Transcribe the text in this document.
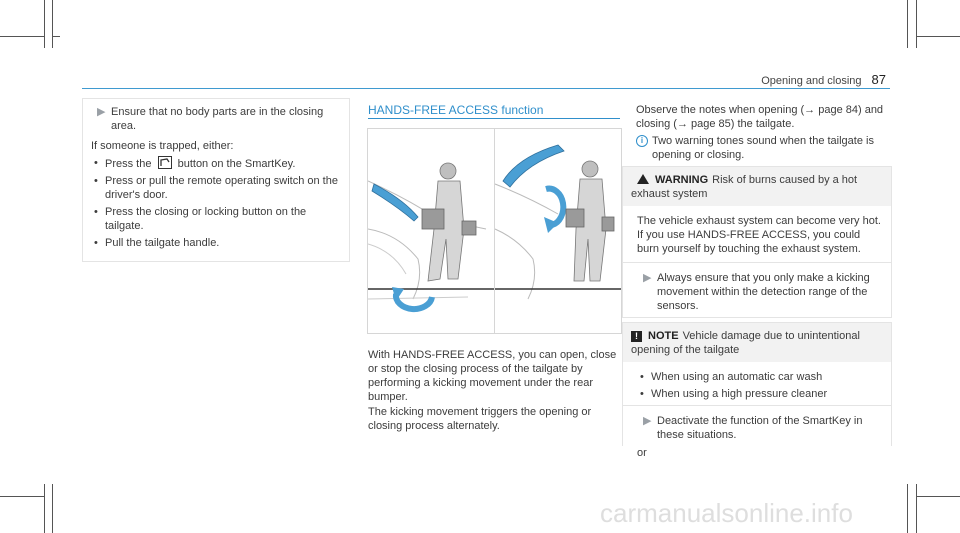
Opening and closing 87
▶ Ensure that no body parts are in the closing area.
If someone is trapped, either:
• Press the button on the SmartKey.
• Press or pull the remote operating switch on the driver's door.
• Press the closing or locking button on the tailgate.
• Pull the tailgate handle.
HANDS-FREE ACCESS function
With HANDS-FREE ACCESS, you can open, close or stop the closing process of the tailgate by performing a kicking movement under the rear bumper.
The kicking movement triggers the opening or closing process alternately.
Observe the notes when opening (→ page 84) and closing (→ page 85) the tailgate.
i Two warning tones sound when the tailgate is opening or closing.
WARNING Risk of burns caused by a hot exhaust system
The vehicle exhaust system can become very hot. If you use HANDS-FREE ACCESS, you could burn yourself by touching the exhaust system.
▶ Always ensure that you only make a kicking movement within the detection range of the sensors.
! NOTE Vehicle damage due to unintentional opening of the tailgate
• When using an automatic car wash
• When using a high pressure cleaner
▶ Deactivate the function of the SmartKey in these situations.
or
carmanualsonline.info
